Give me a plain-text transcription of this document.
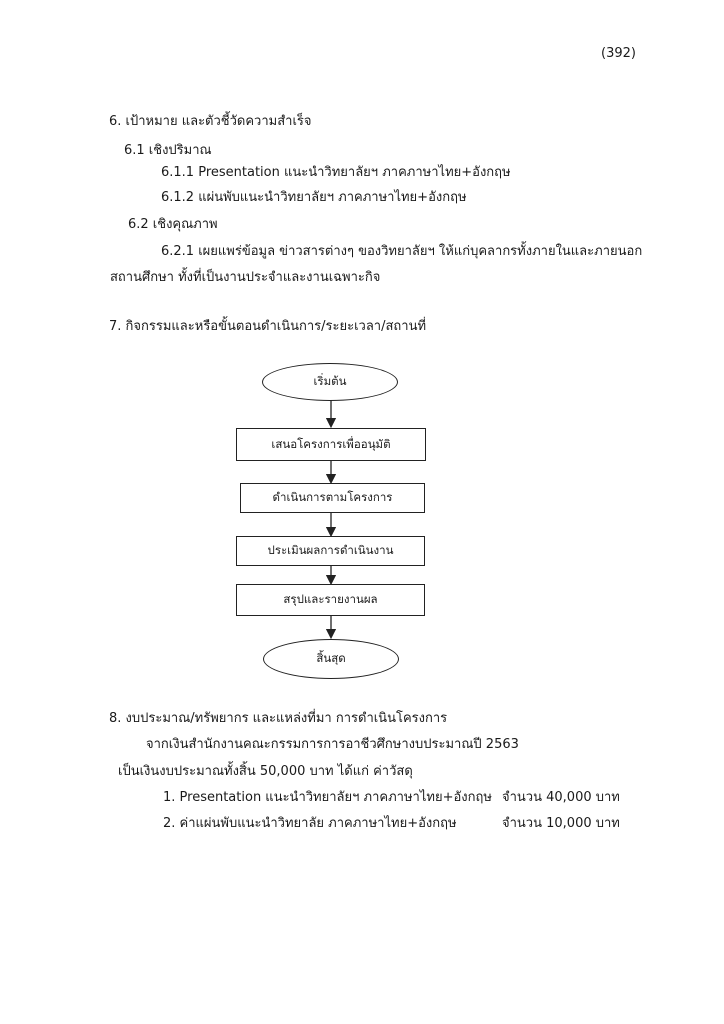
(392)
6. เป้าหมาย และตัวชี้วัดความสำเร็จ
6.1 เชิงปริมาณ
6.1.1 Presentation แนะนำวิทยาลัยฯ ภาคภาษาไทย+อังกฤษ
6.1.2 แผ่นพับแนะนำวิทยาลัยฯ ภาคภาษาไทย+อังกฤษ
6.2 เชิงคุณภาพ
6.2.1 เผยแพร่ข้อมูล ข่าวสารต่างๆ ของวิทยาลัยฯ ให้แก่บุคลากรทั้งภายในและภายนอก
สถานศึกษา ทั้งที่เป็นงานประจำและงานเฉพาะกิจ
7. กิจกรรมและหรือขั้นตอนดำเนินการ/ระยะเวลา/สถานที่
เริ่มต้น
เสนอโครงการเพื่ออนุมัติ
ดำเนินการตามโครงการ
ประเมินผลการดำเนินงาน
สรุปและรายงานผล
สิ้นสุด
8. งบประมาณ/ทรัพยากร และแหล่งที่มา การดำเนินโครงการ
จากเงินสำนักงานคณะกรรมการการอาชีวศึกษางบประมาณปี 2563
เป็นเงินงบประมาณทั้งสิ้น 50,000 บาท ได้แก่ ค่าวัสดุ
1. Presentation แนะนำวิทยาลัยฯ ภาคภาษาไทย+อังกฤษ จำนวน 40,000 บาท
2. ค่าแผ่นพับแนะนำวิทยาลัย ภาคภาษาไทย+อังกฤษ	จำนวน 10,000 บาท
